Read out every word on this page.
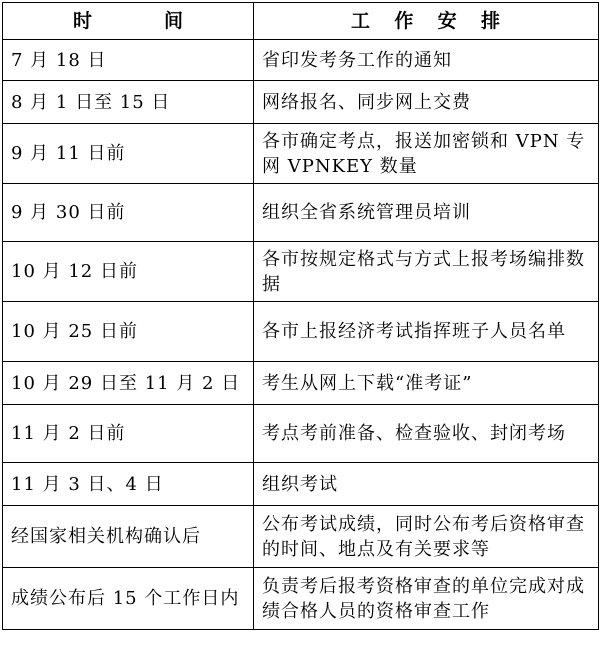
时　　间	工 作 安 排
7 月 18 日	省印发考务工作的通知
8 月 1 日至 15 日	网络报名、同步网上交费
9 月 11 日前	各市确定考点，报送加密锁和 VPN 专网 VPNKEY 数量
9 月 30 日前	组织全省系统管理员培训
10 月 12 日前	各市按规定格式与方式上报考场编排数据
10 月 25 日前	各市上报经济考试指挥班子人员名单
10 月 29 日至 11 月 2 日	考生从网上下载“准考证”
11 月 2 日前	考点考前准备、检查验收、封闭考场
11 月 3 日、4 日	组织考试
经国家相关机构确认后	公布考试成绩，同时公布考后资格审查的时间、地点及有关要求等
成绩公布后 15 个工作日内	负责考后报考资格审查的单位完成对成绩合格人员的资格审查工作
